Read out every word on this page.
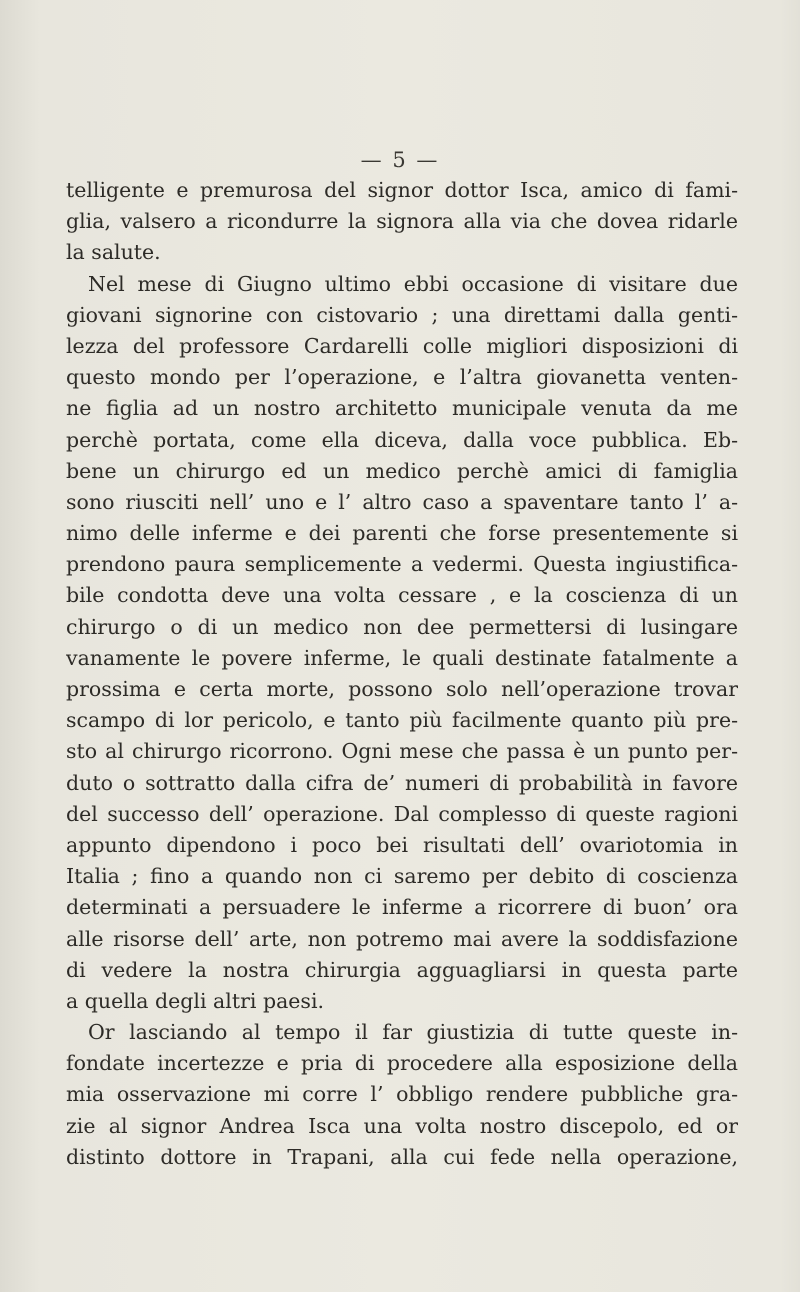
— 5 —
telligente e premurosa del signor dottor Isca, amico di fami-
glia, valsero a ricondurre la signora alla via che dovea ridarle
la salute.
Nel mese di Giugno ultimo ebbi occasione di visitare due
giovani signorine con cistovario ; una direttami dalla genti-
lezza del professore Cardarelli colle migliori disposizioni di
questo mondo per l’operazione, e l’altra giovanetta venten-
ne figlia ad un nostro architetto municipale venuta da me
perchè portata, come ella diceva, dalla voce pubblica. Eb-
bene un chirurgo ed un medico perchè amici di famiglia
sono riusciti nell’ uno e l’ altro caso a spaventare tanto l’ a-
nimo delle inferme e dei parenti che forse presentemente si
prendono paura semplicemente a vedermi. Questa ingiustifica-
bile condotta deve una volta cessare , e la coscienza di un
chirurgo o di un medico non dee permettersi di lusingare
vanamente le povere inferme, le quali destinate fatalmente a
prossima e certa morte, possono solo nell’operazione trovar
scampo di lor pericolo, e tanto più facilmente quanto più pre-
sto al chirurgo ricorrono. Ogni mese che passa è un punto per-
duto o sottratto dalla cifra de’ numeri di probabilità in favore
del successo dell’ operazione. Dal complesso di queste ragioni
appunto dipendono i poco bei risultati dell’ ovariotomia in
Italia ; fino a quando non ci saremo per debito di coscienza
determinati a persuadere le inferme a ricorrere di buon’ ora
alle risorse dell’ arte, non potremo mai avere la soddisfazione
di vedere la nostra chirurgia agguagliarsi in questa parte
a quella degli altri paesi.
Or lasciando al tempo il far giustizia di tutte queste in-
fondate incertezze e pria di procedere alla esposizione della
mia osservazione mi corre l’ obbligo rendere pubbliche gra-
zie al signor Andrea Isca una volta nostro discepolo, ed or
distinto dottore in Trapani, alla cui fede nella operazione,
